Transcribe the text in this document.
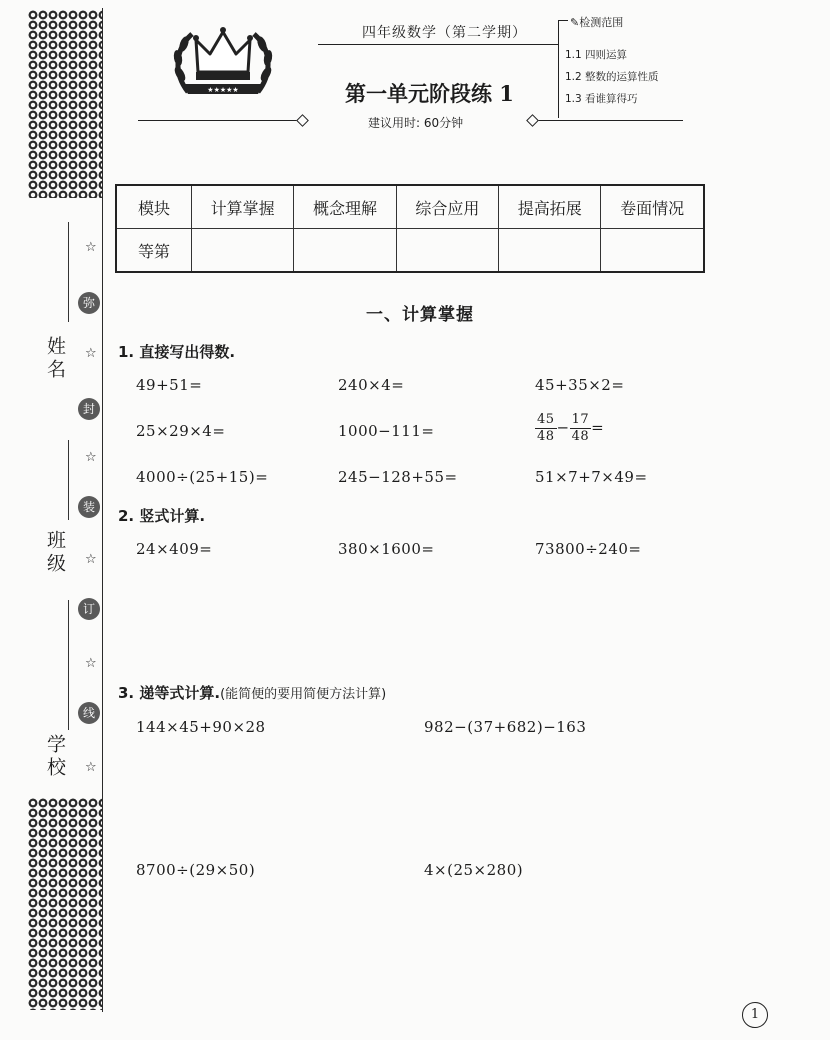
姓名
班级
学校
☆
☆
☆
☆
☆
☆
弥
封
装
订
线
★★★★★
四年级数学（第二学期）
第一单元阶段练 1
建议用时: 60分钟
✎检测范围
1.1 四则运算
1.2 整数的运算性质
1.3 看谁算得巧
模块	计算掌握	概念理解	综合应用	提高拓展	卷面情况
等第					
一、计算掌握
1. 直接写出得数.
49+51=	240×4=	45+35×2=
25×29×4=	1000−111=	$\frac{45}{48} - \frac{17}{48}$ =
4000÷(25+15)=	245−128+55=	51×7+7×49=
2. 竖式计算.
24×409=	380×1600=	73800÷240=
3. 递等式计算.(能简便的要用简便方法计算)
144×45+90×28	982−(37+682)−163
8700÷(29×50)	4×(25×280)
1
